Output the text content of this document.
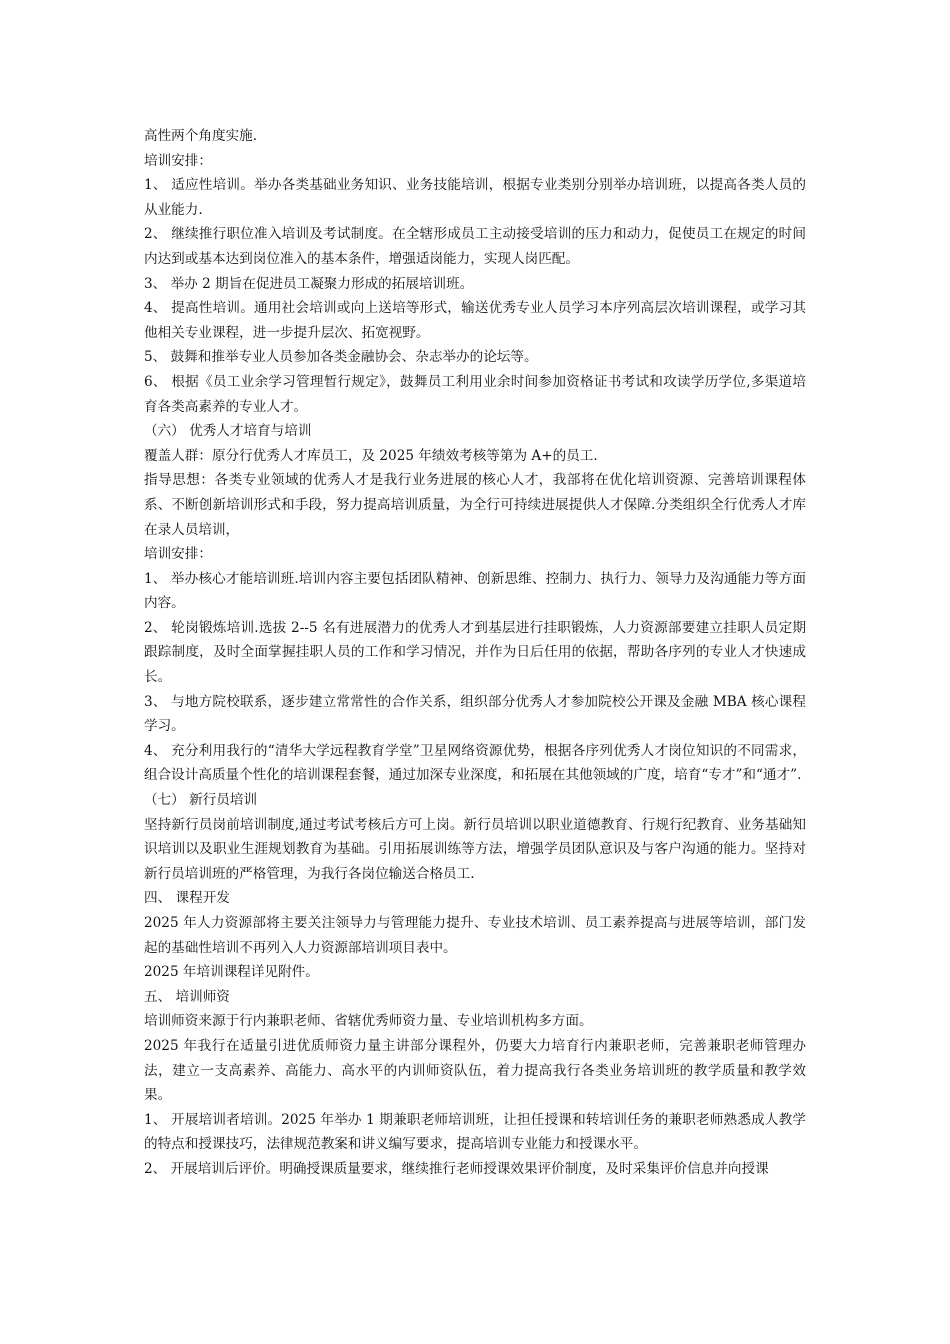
高性两个角度实施.

培训安排：

1、 适应性培训。举办各类基础业务知识、业务技能培训，根据专业类别分别举办培训班，以提高各类人员的从业能力.

2、 继续推行职位准入培训及考试制度。在全辖形成员工主动接受培训的压力和动力，促使员工在规定的时间内达到或基本达到岗位准入的基本条件，增强适岗能力，实现人岗匹配。

3、 举办 2 期旨在促进员工凝聚力形成的拓展培训班。

4、 提高性培训。通用社会培训或向上送培等形式，输送优秀专业人员学习本序列高层次培训课程，或学习其他相关专业课程，进一步提升层次、拓宽视野。

5、 鼓舞和推举专业人员参加各类金融协会、杂志举办的论坛等。

6、 根据《员工业余学习管理暂行规定》，鼓舞员工利用业余时间参加资格证书考试和攻读学历学位,多渠道培育各类高素养的专业人才。

（六） 优秀人才培育与培训

覆盖人群：原分行优秀人才库员工，及 2025 年绩效考核等第为 A+的员工.

指导思想：各类专业领域的优秀人才是我行业务进展的核心人才，我部将在优化培训资源、完善培训课程体系、不断创新培训形式和手段，努力提高培训质量，为全行可持续进展提供人才保障.分类组织全行优秀人才库在录人员培训，

培训安排：

1、 举办核心才能培训班.培训内容主要包括团队精神、创新思维、控制力、执行力、领导力及沟通能力等方面内容。

2、 轮岗锻炼培训.选拔 2--5 名有进展潜力的优秀人才到基层进行挂职锻炼，人力资源部要建立挂职人员定期跟踪制度，及时全面掌握挂职人员的工作和学习情况，并作为日后任用的依据，帮助各序列的专业人才快速成长。

3、 与地方院校联系，逐步建立常常性的合作关系，组织部分优秀人才参加院校公开课及金融 MBA 核心课程学习。

4、 充分利用我行的“清华大学远程教育学堂”卫星网络资源优势，根据各序列优秀人才岗位知识的不同需求，组合设计高质量个性化的培训课程套餐，通过加深专业深度，和拓展在其他领域的广度，培育“专才”和“通才”.

（七） 新行员培训

坚持新行员岗前培训制度,通过考试考核后方可上岗。新行员培训以职业道德教育、行规行纪教育、业务基础知识培训以及职业生涯规划教育为基础。引用拓展训练等方法，增强学员团队意识及与客户沟通的能力。坚持对新行员培训班的严格管理，为我行各岗位输送合格员工.

四、 课程开发

2025 年人力资源部将主要关注领导力与管理能力提升、专业技术培训、员工素养提高与进展等培训，部门发起的基础性培训不再列入人力资源部培训项目表中。

2025 年培训课程详见附件。

五、 培训师资

培训师资来源于行内兼职老师、省辖优秀师资力量、专业培训机构多方面。

2025 年我行在适量引进优质师资力量主讲部分课程外，仍要大力培育行内兼职老师，完善兼职老师管理办法，建立一支高素养、高能力、高水平的内训师资队伍，着力提高我行各类业务培训班的教学质量和教学效果。

1、 开展培训者培训。2025 年举办 1 期兼职老师培训班，让担任授课和转培训任务的兼职老师熟悉成人教学的特点和授课技巧，法律规范教案和讲义编写要求，提高培训专业能力和授课水平。

2、 开展培训后评价。明确授课质量要求，继续推行老师授课效果评价制度，及时采集评价信息并向授课
